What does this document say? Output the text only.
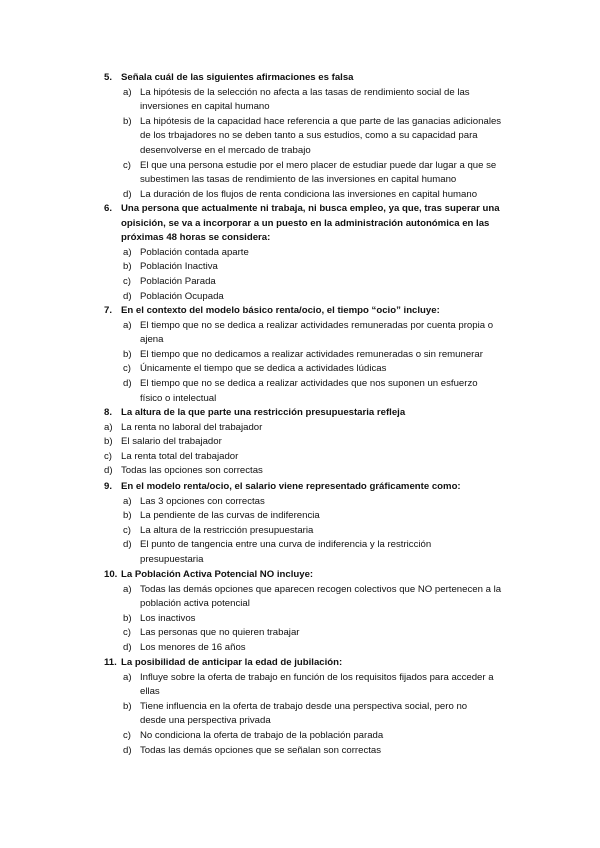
5. Señala cuál de las siguientes afirmaciones es falsa
a) La hipótesis de la selección no afecta a las tasas de rendimiento social de las
inversiones en capital humano
b) La hipótesis de la capacidad hace referencia a que parte de las ganacias adicionales
de los trbajadores no se deben tanto a sus estudios, como a su capacidad para
desenvolverse en el mercado de trabajo
c) El que una persona estudie por el mero placer de estudiar puede dar lugar a que se
subestimen las tasas de rendimiento de las inversiones en capital humano
d) La duración de los flujos de renta condiciona las inversiones en capital humano
6. Una persona que actualmente ni trabaja, ni busca empleo, ya que, tras superar una
opisición, se va a incorporar a un puesto en la administración autonómica en las
próximas 48 horas se considera:
a) Población contada aparte
b) Población Inactiva
c) Población Parada
d) Población Ocupada
7. En el contexto del modelo básico renta/ocio, el tiempo “ocio” incluye:
a) El tiempo que no se dedica a realizar actividades remuneradas por cuenta propia o
ajena
b) El tiempo que no dedicamos a realizar actividades remuneradas o sin remunerar
c) Únicamente el tiempo que se dedica a actividades lúdicas
d) El tiempo que no se dedica a realizar actividades que nos suponen un esfuerzo
físico o intelectual
8. La altura de la que parte una restricción presupuestaria refleja
a) La renta no laboral del trabajador
b) El salario del trabajador
c) La renta total del trabajador
d) Todas las opciones son correctas
9. En el modelo renta/ocio, el salario viene representado gráficamente como:
a) Las 3 opciones con correctas
b) La pendiente de las curvas de indiferencia
c) La altura de la restricción presupuestaria
d) El punto de tangencia entre una curva de indiferencia y la restricción
presupuestaria
10. La Población Activa Potencial NO incluye:
a) Todas las demás opciones que aparecen recogen colectivos que NO pertenecen a la
población activa potencial
b) Los inactivos
c) Las personas que no quieren trabajar
d) Los menores de 16 años
11. La posibilidad de anticipar la edad de jubilación:
a) Influye sobre la oferta de trabajo en función de los requisitos fijados para acceder a
ellas
b) Tiene influencia en la oferta de trabajo desde una perspectiva social, pero no
desde una perspectiva privada
c) No condiciona la oferta de trabajo de la población parada
d) Todas las demás opciones que se señalan son correctas
